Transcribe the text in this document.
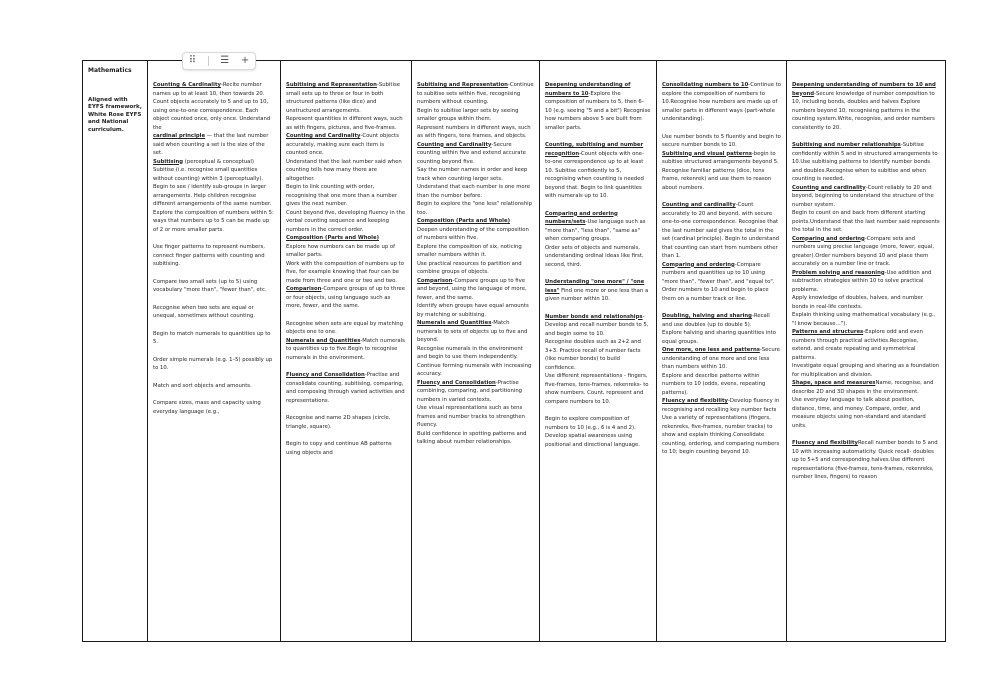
⠿ ☰ +
Mathematics
Aligned with EYFS framework, White Rose EYFS and National curriculum.

Counting & Cardinality-Recite number names up to at least 10, then towards 20.
Count objects accurately to 5 and up to 10, using one-to-one correspondence. Each object counted once, only once. Understand the
cardinal principle — that the last number said when counting a set is the size of the set.
Subitising (perceptual & conceptual) Subitise (i.e. recognise small quantities without counting) within 3 (perceptually).
Begin to see / identify sub-groups in larger arrangements. Help children recognise different arrangements of the same number.
Explore the composition of numbers within 5: ways that numbers up to 5 can be made up of 2 or more smaller parts.
Use finger patterns to represent numbers, connect finger patterns with counting and subitising.
Compare two small sets (up to 5) using vocabulary "more than", "fewer than", etc.
Recognise when two sets are equal or unequal, sometimes without counting.
Begin to match numerals to quantities up to 5.
Order simple numerals (e.g. 1–5) possibly up to 10.
Match and sort objects and amounts.
Compare sizes, mass and capacity using everyday language (e.g.,

Subitising and Representation-Subitise small sets up to three or four in both structured patterns (like dice) and unstructured arrangements.
Represent quantities in different ways, such as with fingers, pictures, and five-frames.
Counting and Cardinality-Count objects accurately, making sure each item is counted once.
Understand that the last number said when counting tells how many there are altogether.
Begin to link counting with order, recognising that one more than a number gives the next number.
Count beyond five, developing fluency in the verbal counting sequence and keeping numbers in the correct order.
Composition (Parts and Whole)
Explore how numbers can be made up of smaller parts.
Work with the composition of numbers up to five, for example knowing that four can be made from three and one or two and two.
Comparison-Compare groups of up to three or four objects, using language such as more, fewer, and the same.
Recognise when sets are equal by matching objects one to one.
Numerals and Quantities-Match numerals to quantities up to five.Begin to recognise numerals in the environment.
Fluency and Consolidation-Practise and consolidate counting, subitising, comparing, and composing through varied activities and representations.
Recognise and name 2D shapes (circle, triangle, square).
Begin to copy and continue AB patterns using objects and

Subitising and Representation-Continue to subitise sets within five, recognising numbers without counting.
Begin to subitise larger sets by seeing smaller groups within them.
Represent numbers in different ways, such as with fingers, tens frames, and objects.
Counting and Cardinality-Secure counting within five and extend accurate counting beyond five.
Say the number names in order and keep track when counting larger sets.
Understand that each number is one more than the number before.
Begin to explore the "one less" relationship too.
Composition (Parts and Whole)
Deepen understanding of the composition of numbers within five.
Explore the composition of six, noticing smaller numbers within it.
Use practical resources to partition and combine groups of objects.
Comparison-Compare groups up to five and beyond, using the language of more, fewer, and the same.
Identify when groups have equal amounts by matching or subitising.
Numerals and Quantities-Match numerals to sets of objects up to five and beyond.
Recognise numerals in the environment and begin to use them independently.
Continue forming numerals with increasing accuracy.
Fluency and Consolidation-Practise combining, comparing, and partitioning numbers in varied contexts.
Use visual representations such as tens frames and number tracks to strengthen fluency.
Build confidence in spotting patterns and talking about number relationships.

Deepening understanding of numbers to 10-Explore the composition of numbers to 5, then 6–10 (e.g. seeing "5 and a bit") Recognise how numbers above 5 are built from smaller parts.
Counting, subitising and number recognition-Count objects with one-to-one correspondence up to at least 10. Subitise confidently to 5, recognising when counting is needed beyond that. Begin to link quantities with numerals up to 10.
Comparing and ordering numbers/sets-Use language such as "more than", "less than", "same as" when comparing groups.
Order sets of objects and numerals, understanding ordinal ideas like first, second, third.
Understanding "one more" / "one less" Find one more or one less than a given number within 10.
Number bonds and relationships-Develop and recall number bonds to 5, and begin some to 10.
Recognise doubles such as 2+2 and 3+3. Practice recall of number facts (like number bonds) to build confidence.
Use different representations - fingers, five-frames, tens-frames, rekenreks- to show numbers. Count, represent and compare numbers to 10.
Begin to explore composition of numbers to 10 (e.g., 6 is 4 and 2). Develop spatial awareness using positional and directional language.

Consolidating numbers to 10-Continue to explore the composition of numbers to 10.Recognise how numbers are made up of smaller parts in different ways (part-whole understanding).
Use number bonds to 5 fluently and begin to secure number bonds to 10.
Subitising and visual patterns-begin to subitise structured arrangements beyond 5. Recognise familiar patterns (dice, tens frame, rekenrek) and use them to reason about numbers.
Counting and cardinality-Count accurately to 20 and beyond, with secure one-to-one correspondence. Recognise that the last number said gives the total in the set (cardinal principle). Begin to understand that counting can start from numbers other than 1.
Comparing and ordering-Compare numbers and quantities up to 10 using "more than", "fewer than", and "equal to". Order numbers to 10 and begin to place them on a number track or line.
Doubling, halving and sharing-Recall and use doubles (up to double 5).
Explore halving and sharing quantities into equal groups.
One more, one less and patterns-Secure understanding of one more and one less than numbers within 10.
Explore and describe patterns within numbers to 10 (odds, evens, repeating patterns).
Fluency and flexibility-Develop fluency in recognising and recalling key number facts Use a variety of representations (fingers, rekenreks, five-frames, number tracks) to show and explain thinking.Consolidate counting, ordering, and comparing numbers to 10; begin counting beyond 10.

Deepening understanding of numbers to 10 and beyond-Secure knowledge of number composition to 10, including bonds, doubles and halves Explore numbers beyond 10, recognising patterns in the counting system.Write, recognise, and order numbers consistently to 20.
Subitising and number relationships-Subitise confidently within 5 and in structured arrangements to 10.Use subitising patterns to identify number bonds and doubles.Recognise when to subitise and when counting is needed.
Counting and cardinality-Count reliably to 20 and beyond, beginning to understand the structure of the number system.
Begin to count on and back from different starting points.Understand that the last number said represents the total in the set.
Comparing and ordering-Compare sets and numbers using precise language (more, fewer, equal, greater).Order numbers beyond 10 and place them accurately on a number line or track.
Problem solving and reasoning-Use addition and subtraction strategies within 10 to solve practical problems.
Apply knowledge of doubles, halves, and number bonds in real-life contexts.
Explain thinking using mathematical vocabulary (e.g., "I know because…").
Patterns and structures-Explore odd and even numbers through practical activities.Recognise, extend, and create repeating and symmetrical patterns.
Investigate equal grouping and sharing as a foundation for multiplication and division.
Shape, space and measuresName, recognise, and describe 2D and 3D shapes in the environment.
Use everyday language to talk about position, distance, time, and money. Compare, order, and measure objects using non-standard and standard units.
Fluency and flexibilityRecall number bonds to 5 and 10 with increasing automaticity. Quick recall- doubles up to 5+5 and corresponding halves.Use different representations (five-frames, tens-frames, rekenreks, number lines, fingers) to reason
